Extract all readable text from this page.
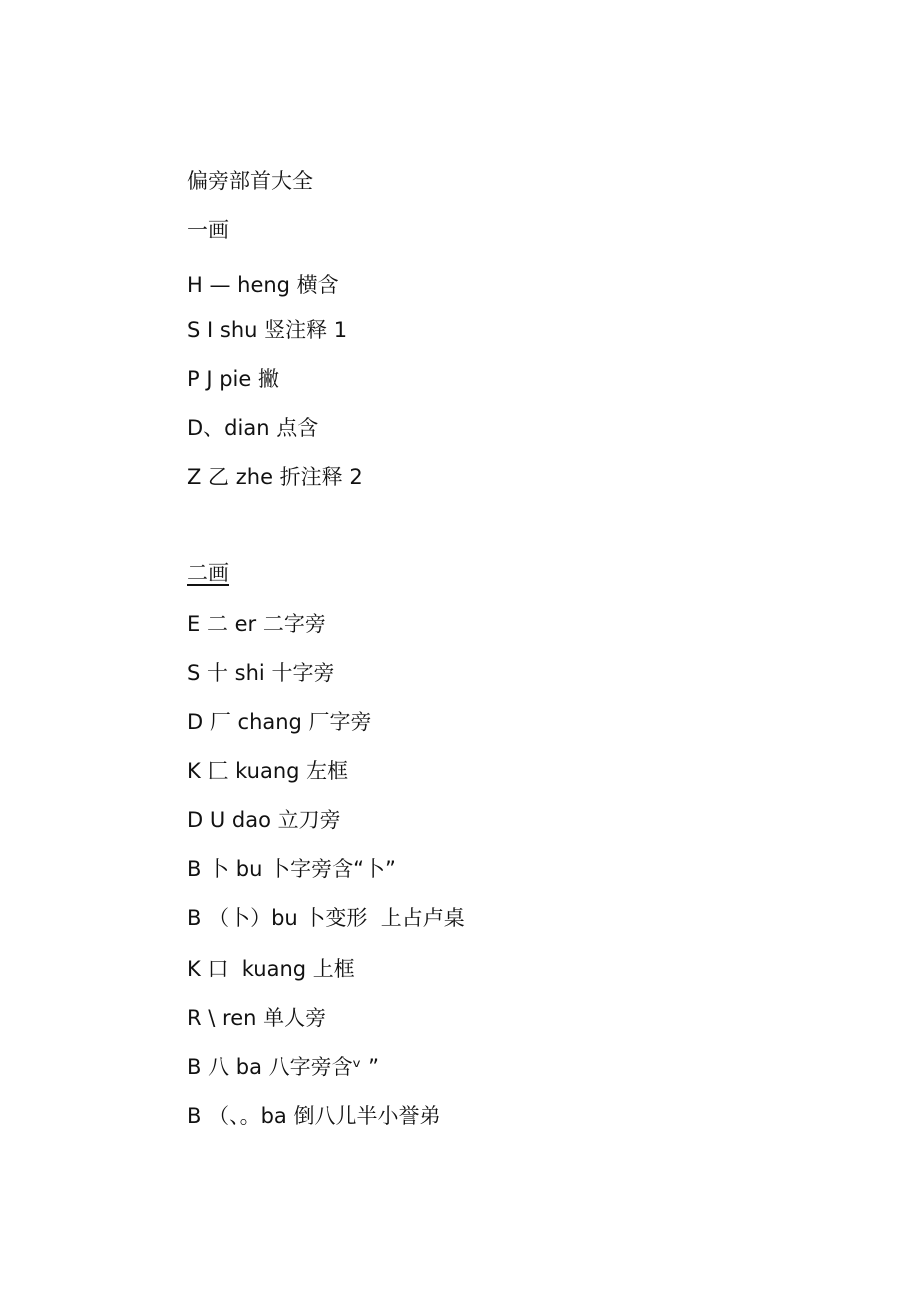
偏旁部首大全
一画
H — heng 横含
S I shu 竖注释 1
P J pie 撇
D、dian 点含
Z 乙 zhe 折注释 2
二画
E 二 er 二字旁
S 十 shi 十字旁
D 厂 chang 厂字旁
K 匚 kuang 左框
D U dao 立刀旁
B 卜 bu 卜字旁含“卜”
B （卜）bu 卜变形  上占卢桌
K 口  kuang 上框
R \ ren 单人旁
B 八 ba 八字旁含ᵛ ”
B （、。ba 倒八儿半小誉弟
